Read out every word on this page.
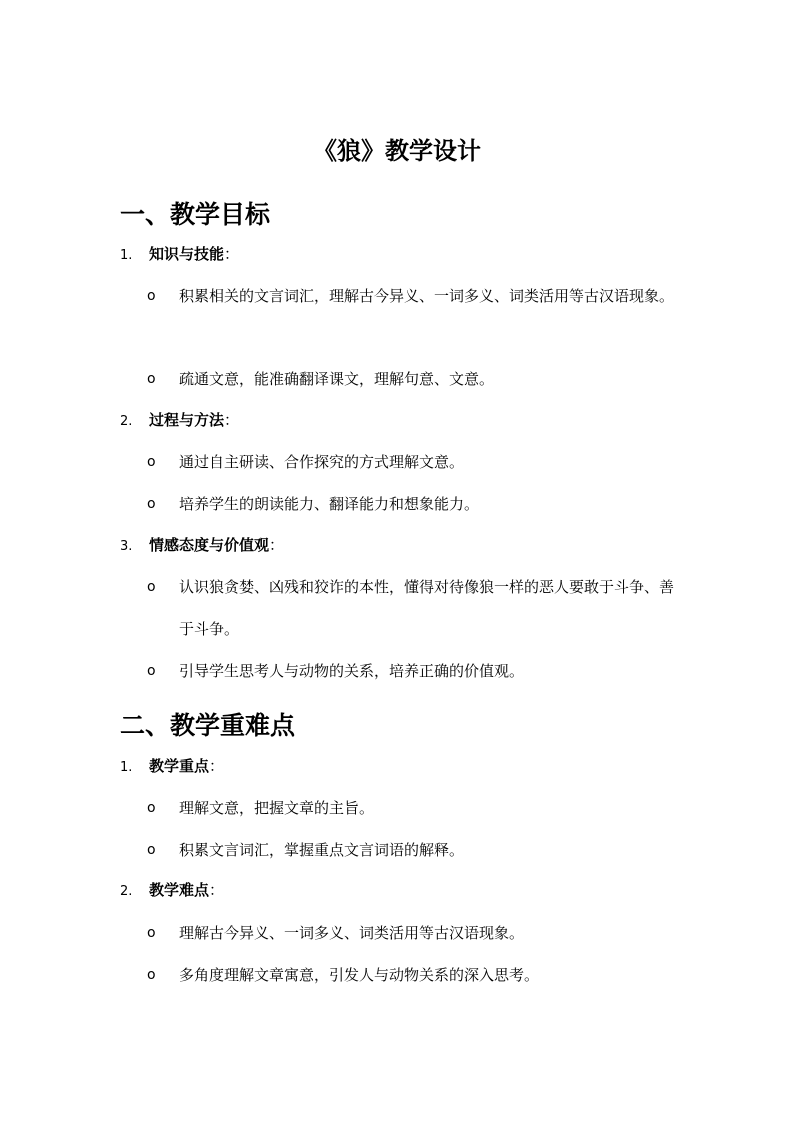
《狼》教学设计
一、教学目标
1. 知识与技能：
o 积累相关的文言词汇，理解古今异义、一词多义、词类活用等古汉语现象。
o 疏通文意，能准确翻译课文，理解句意、文意。
2. 过程与方法：
o 通过自主研读、合作探究的方式理解文意。
o 培养学生的朗读能力、翻译能力和想象能力。
3. 情感态度与价值观：
o 认识狼贪婪、凶残和狡诈的本性，懂得对待像狼一样的恶人要敢于斗争、善于斗争。
o 引导学生思考人与动物的关系，培养正确的价值观。
二、教学重难点
1. 教学重点：
o 理解文意，把握文章的主旨。
o 积累文言词汇，掌握重点文言词语的解释。
2. 教学难点：
o 理解古今异义、一词多义、词类活用等古汉语现象。
o 多角度理解文章寓意，引发人与动物关系的深入思考。
